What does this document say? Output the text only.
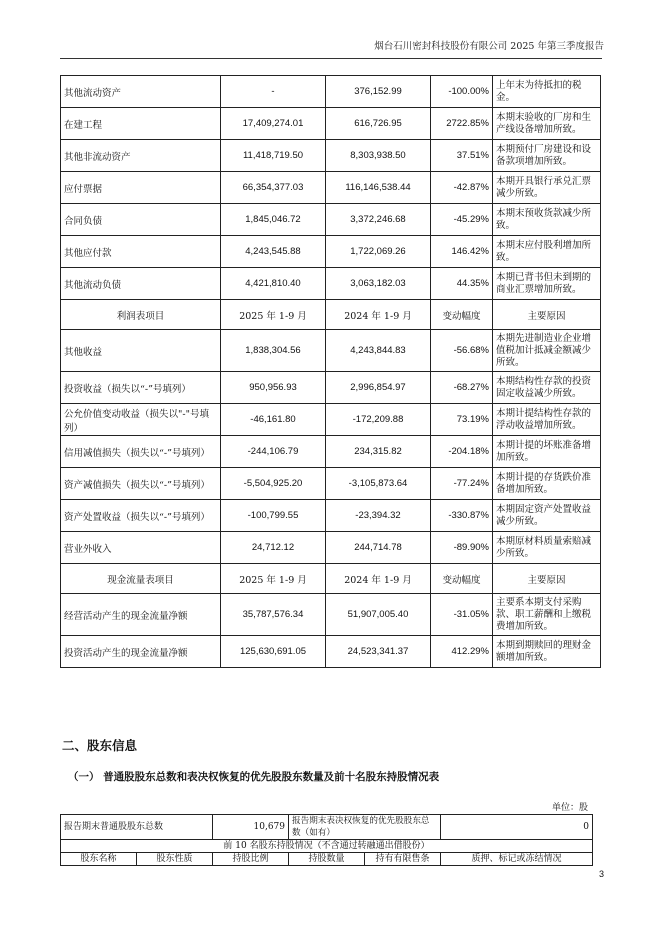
烟台石川密封科技股份有限公司 2025 年第三季度报告
其他流动资产	-	376,152.99	-100.00%	上年末为待抵扣的税金。
在建工程	17,409,274.01	616,726.95	2722.85%	本期末验收的厂房和生产线设备增加所致。
其他非流动资产	11,418,719.50	8,303,938.50	37.51%	本期预付厂房建设和设备款项增加所致。
应付票据	66,354,377.03	116,146,538.44	-42.87%	本期开具银行承兑汇票减少所致。
合同负债	1,845,046.72	3,372,246.68	-45.29%	本期末预收货款减少所致。
其他应付款	4,243,545.88	1,722,069.26	146.42%	本期末应付股利增加所致。
其他流动负债	4,421,810.40	3,063,182.03	44.35%	本期已背书但未到期的商业汇票增加所致。
利润表项目	2025 年 1-9 月	2024 年 1-9 月	变动幅度	主要原因
其他收益	1,838,304.56	4,243,844.83	-56.68%	本期先进制造业企业增值税加计抵减金额减少所致。
投资收益（损失以“-”号填列）	950,956.93	2,996,854.97	-68.27%	本期结构性存款的投资固定收益减少所致。
公允价值变动收益（损失以"-"号填列）	-46,161.80	-172,209.88	73.19%	本期计提结构性存款的浮动收益增加所致。
信用减值损失（损失以“-”号填列）	-244,106.79	234,315.82	-204.18%	本期计提的坏账准备增加所致。
资产减值损失（损失以“-”号填列）	-5,504,925.20	-3,105,873.64	-77.24%	本期计提的存货跌价准备增加所致。
资产处置收益（损失以“-”号填列）	-100,799.55	-23,394.32	-330.87%	本期固定资产处置收益减少所致。
营业外收入	24,712.12	244,714.78	-89.90%	本期原材料质量索赔减少所致。
现金流量表项目	2025 年 1-9 月	2024 年 1-9 月	变动幅度	主要原因
经营活动产生的现金流量净额	35,787,576.34	51,907,005.40	-31.05%	主要系本期支付采购款、职工薪酬和上缴税费增加所致。
投资活动产生的现金流量净额	125,630,691.05	24,523,341.37	412.29%	本期到期赎回的理财金额增加所致。
二、股东信息
（一） 普通股股东总数和表决权恢复的优先股股东数量及前十名股东持股情况表
单位：股
报告期末普通股股东总数		10,679	报告期末表决权恢复的优先股股东总数（如有）		0
前 10 名股东持股情况（不含通过转融通出借股份）					
股东名称	股东性质	持股比例	持股数量	持有有限售条	质押、标记或冻结情况
3
